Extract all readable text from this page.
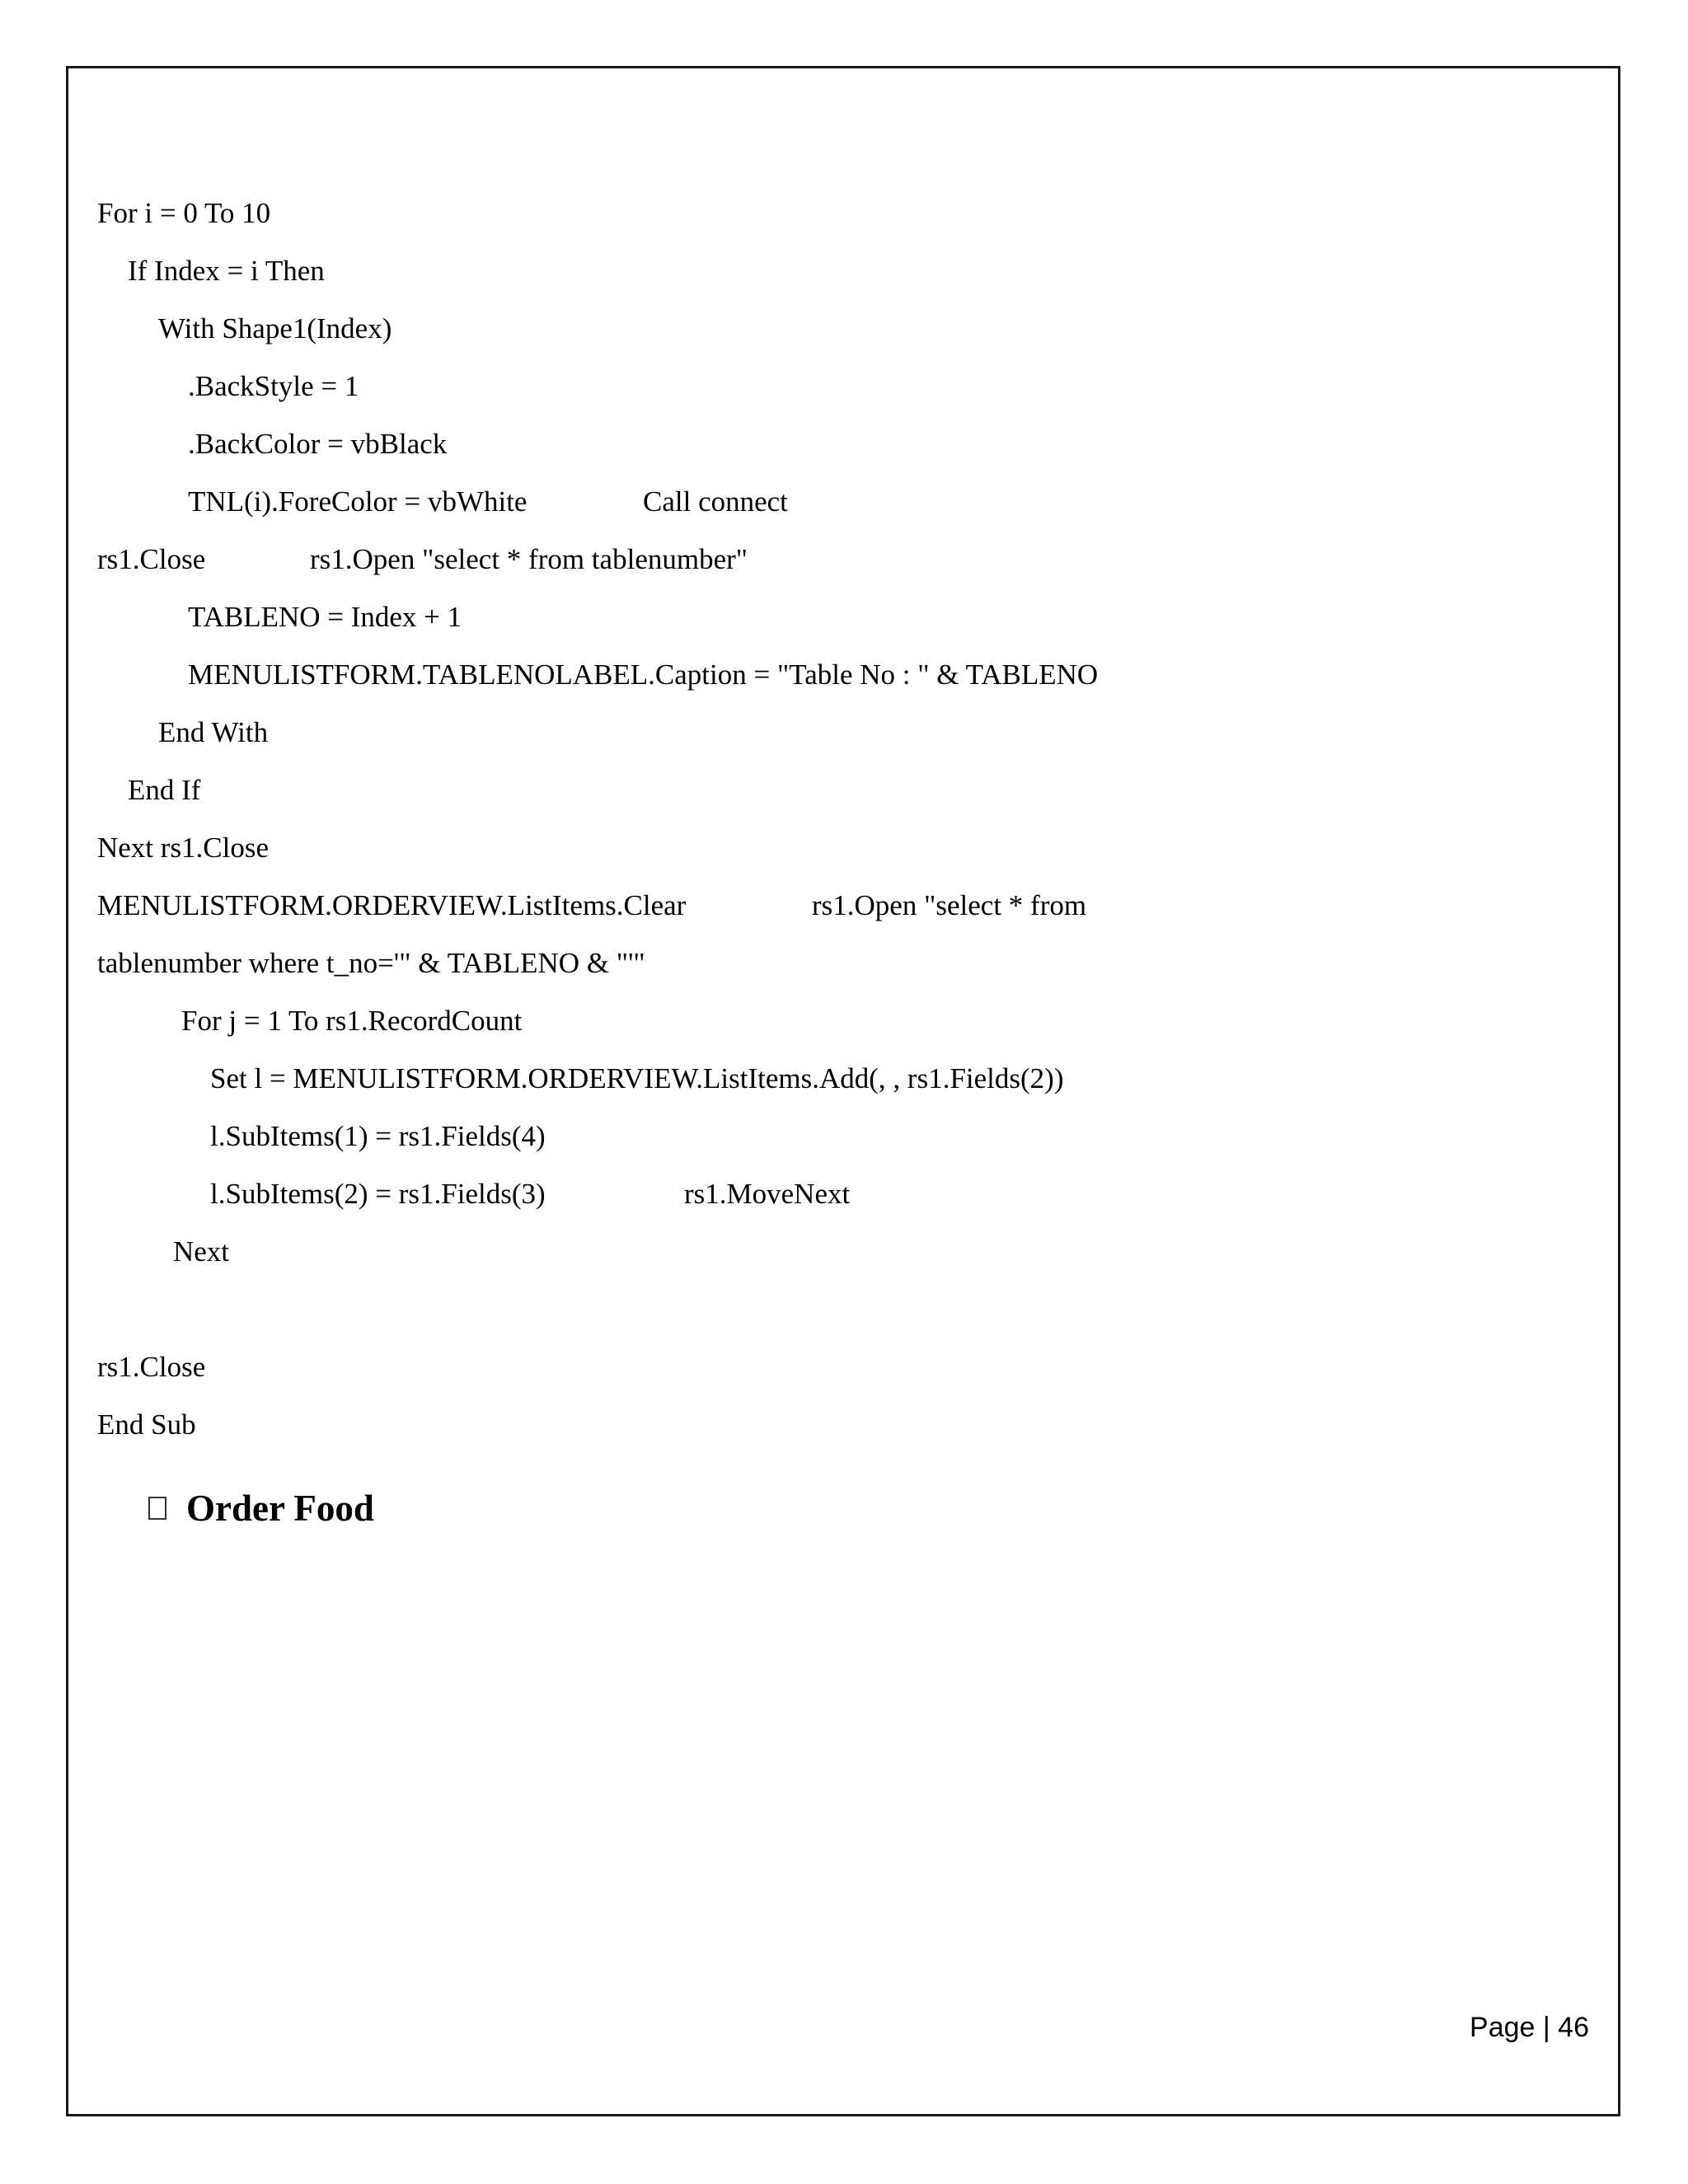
For i = 0 To 10
If Index = i Then
With Shape1(Index)
.BackStyle = 1
.BackColor = vbBlack
TNL(i).ForeColor = vbWhite	Call connect
rs1.Close	rs1.Open "select * from tablenumber"
TABLENO = Index + 1
MENULISTFORM.TABLENOLABEL.Caption = "Table No : " & TABLENO
End With
End If
Next rs1.Close
MENULISTFORM.ORDERVIEW.ListItems.Clear	rs1.Open "select * from
tablenumber where t_no='" & TABLENO & "'"
For j = 1 To rs1.RecordCount
Set l = MENULISTFORM.ORDERVIEW.ListItems.Add(, , rs1.Fields(2))
l.SubItems(1) = rs1.Fields(4)
l.SubItems(2) = rs1.Fields(3)	rs1.MoveNext
Next
rs1.Close
End Sub
Order Food
Page | 46
